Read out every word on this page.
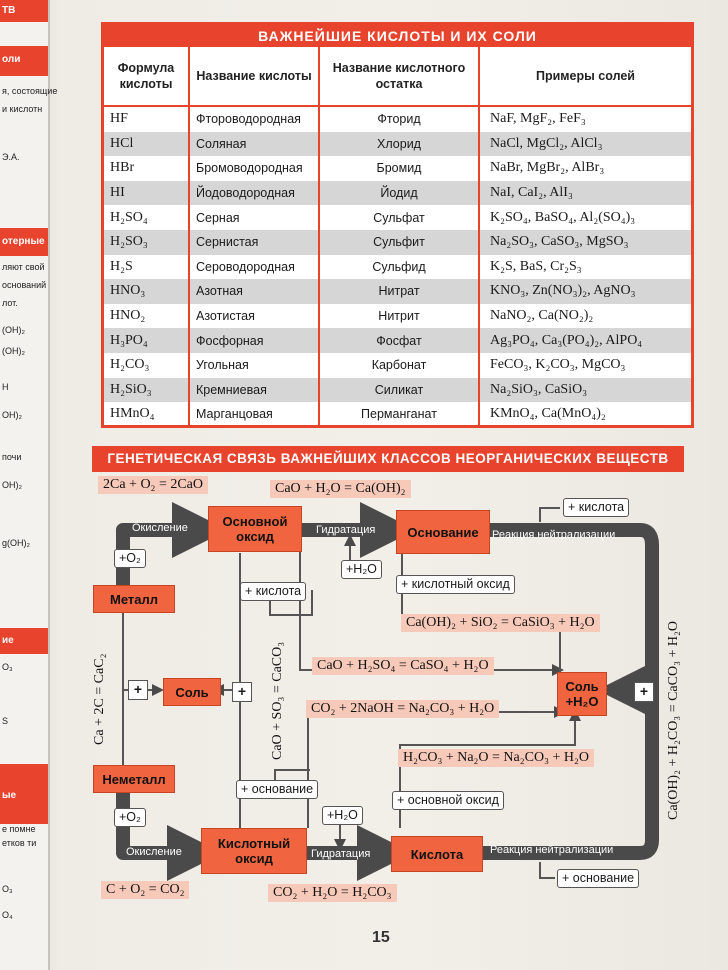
ТВ
оли
я, состоящие
и кислотн
Э.А.
отерные
ляют свой
оснований
лот.
(OH)₂
(OH)₂
H
OH)₂
почи
OH)₂
g(OH)₂
ие
O₃
S
ые
е помне
етков ти
O₃
O₄
ВАЖНЕЙШИЕ КИСЛОТЫ И ИХ СОЛИ
Формула кислоты	Название кислоты	Название кислотного остатка	Примеры солей
HF	Фтороводородная	Фторид	NaF, MgF₂, FeF₃
HCl	Соляная	Хлорид	NaCl, MgCl₂, AlCl₃
HBr	Бромоводородная	Бромид	NaBr, MgBr₂, AlBr₃
HI	Йодоводородная	Йодид	NaI, CaI₂, AlI₃
H₂SO₄	Серная	Сульфат	K₂SO₄, BaSO₄, Al₂(SO₄)₃
H₂SO₃	Сернистая	Сульфит	Na₂SO₃, CaSO₃, MgSO₃
H₂S	Сероводородная	Сульфид	K₂S, BaS, Cr₂S₃
HNO₃	Азотная	Нитрат	KNO₃, Zn(NO₃)₂, AgNO₃
HNO₂	Азотистая	Нитрит	NaNO₂, Ca(NO₂)₂
H₃PO₄	Фосфорная	Фосфат	Ag₃PO₄, Ca₃(PO₄)₂, AlPO₄
H₂CO₃	Угольная	Карбонат	FeCO₃, K₂CO₃, MgCO₃
H₂SiO₃	Кремниевая	Силикат	Na₂SiO₃, CaSiO₃
HMnO₄	Марганцовая	Перманганат	KMnO₄, Ca(MnO₄)₂
ГЕНЕТИЧЕСКАЯ СВЯЗЬ ВАЖНЕЙШИХ КЛАССОВ НЕОРГАНИЧЕСКИХ ВЕЩЕСТВ
Основной оксид	Основание
Металл
Соль
Неметалл
Кислотный оксид	Кислота
Соль +H₂O
Окисление	Гидратация	Реакция нейтрализации
Окисление	Гидратация	Реакция нейтрализации
+O₂
+H₂O
+ кислота
+ кислота	+ кислотный оксид
+O₂
+ основание
+H₂O
+ основной оксид
+ основание
+	+	+
2Ca + O₂ = 2CaO	CaO + H₂O = Ca(OH)₂
Ca(OH)₂ + SiO₂ = CaSiO₃ + H₂O
CaO + H₂SO₄ = CaSO₄ + H₂O
CO₂ + 2NaOH = Na₂CO₃ + H₂O
H₂CO₃ + Na₂O = Na₂CO₃ + H₂O
C + O₂ = CO₂	CO₂ + H₂O = H₂CO₃
Ca + 2C = CaC₂	CaO + SO₃ = CaCO₃	Ca(OH)₂ + H₂CO₃ = CaCO₃ + H₂O
15
